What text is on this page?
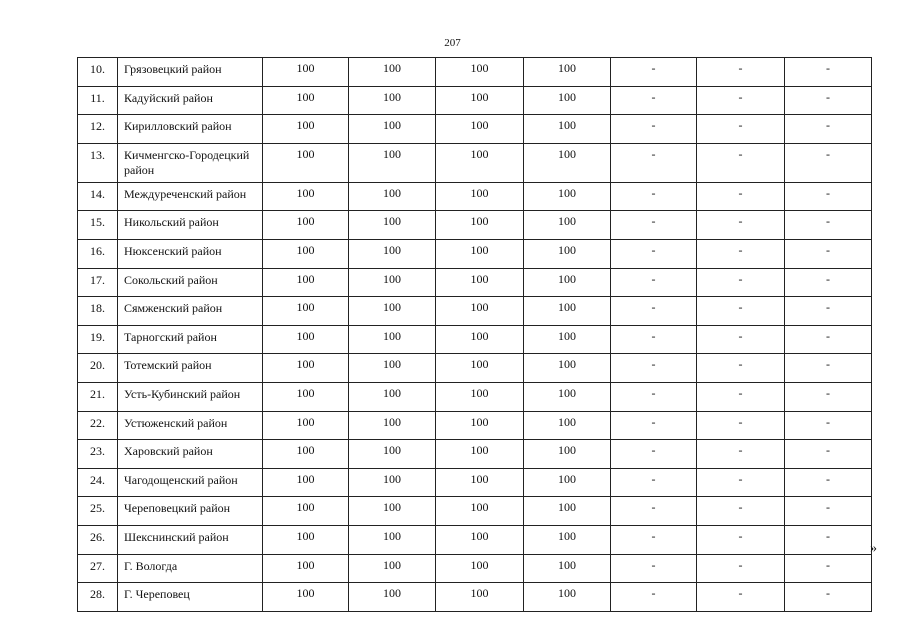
207
10.	Грязовецкий район	100	100	100	100	-	-	-
11.	Кадуйский район	100	100	100	100	-	-	-
12.	Кирилловский район	100	100	100	100	-	-	-
13.	Кичменгско-Городецкий район	100	100	100	100	-	-	-
14.	Междуреченский район	100	100	100	100	-	-	-
15.	Никольский район	100	100	100	100	-	-	-
16.	Нюксенский район	100	100	100	100	-	-	-
17.	Сокольский район	100	100	100	100	-	-	-
18.	Сямженский район	100	100	100	100	-	-	-
19.	Тарногский район	100	100	100	100	-	-	-
20.	Тотемский район	100	100	100	100	-	-	-
21.	Усть-Кубинский район	100	100	100	100	-	-	-
22.	Устюженский район	100	100	100	100	-	-	-
23.	Харовский район	100	100	100	100	-	-	-
24.	Чагодощенский район	100	100	100	100	-	-	-
25.	Череповецкий район	100	100	100	100	-	-	-
26.	Шекснинский район	100	100	100	100	-	-	-
27.	Г. Вологда	100	100	100	100	-	-	-
28.	Г. Череповец	100	100	100	100	-	-	-
»
